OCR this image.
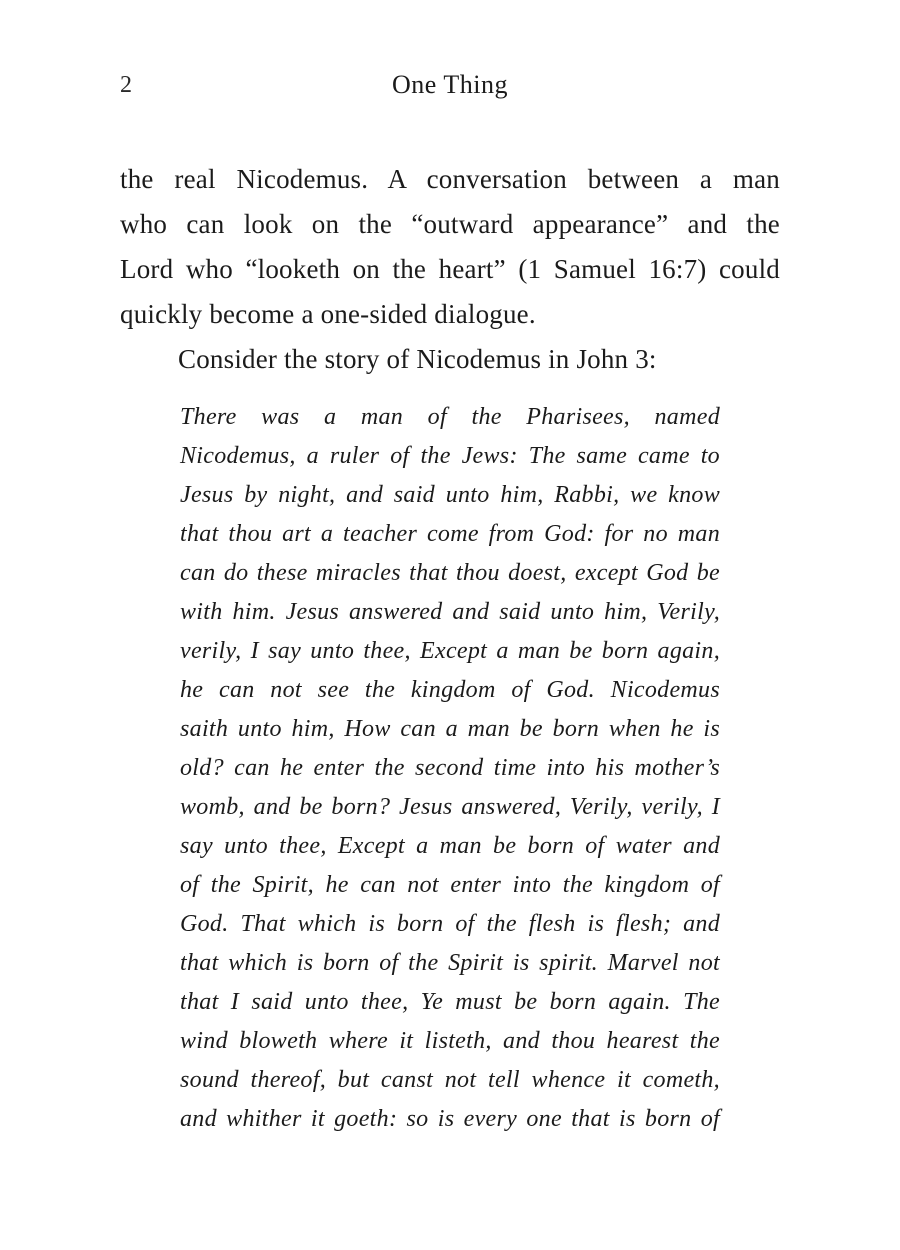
2	One Thing
the real Nicodemus. A conversation between a man
who can look on the “outward appearance” and the
Lord who “looketh on the heart” (1 Samuel 16:7) could
quickly become a one-sided dialogue.
Consider the story of Nicodemus in John 3:
There was a man of the Pharisees, named
Nicodemus, a ruler of the Jews: The same came to
Jesus by night, and said unto him, Rabbi, we know
that thou art a teacher come from God: for no man
can do these miracles that thou doest, except God be
with him. Jesus answered and said unto him, Verily,
verily, I say unto thee, Except a man be born again,
he can not see the kingdom of God. Nicodemus
saith unto him, How can a man be born when he is
old? can he enter the second time into his mother’s
womb, and be born? Jesus answered, Verily, verily, I
say unto thee, Except a man be born of water and
of the Spirit, he can not enter into the kingdom of
God. That which is born of the flesh is flesh; and
that which is born of the Spirit is spirit. Marvel not
that I said unto thee, Ye must be born again. The
wind bloweth where it listeth, and thou hearest the
sound thereof, but canst not tell whence it cometh,
and whither it goeth: so is every one that is born of
